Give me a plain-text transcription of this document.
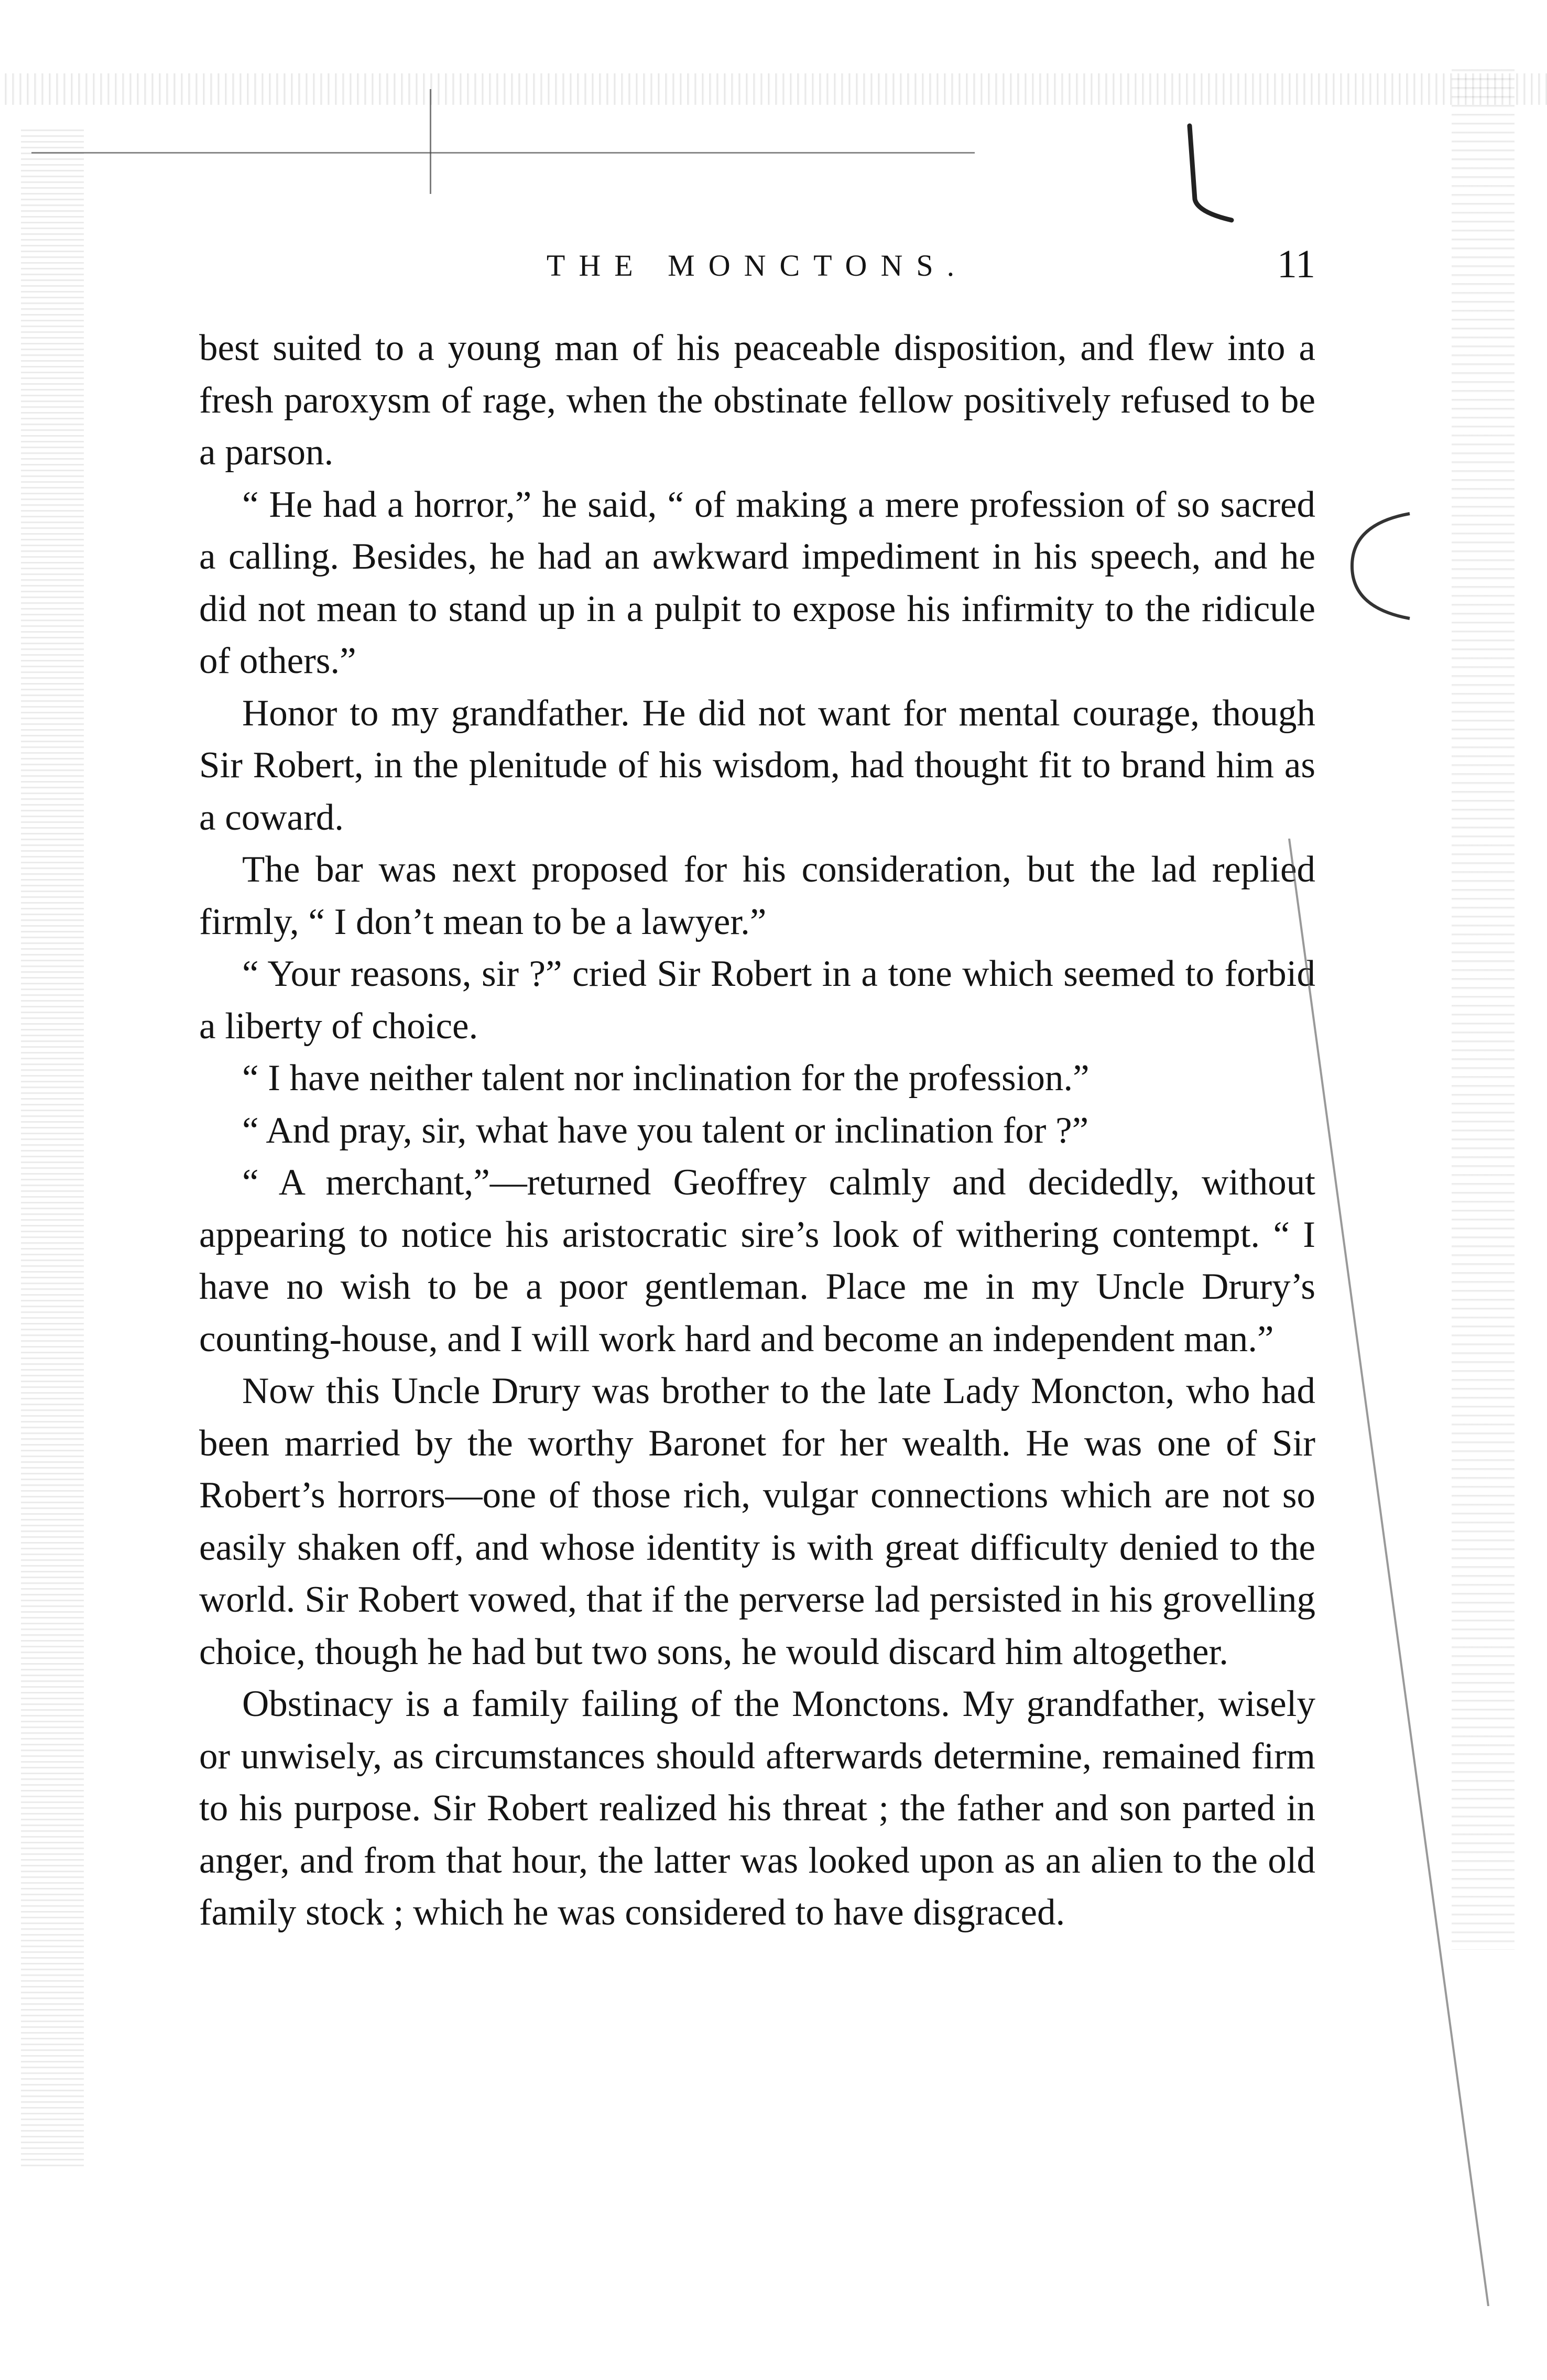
THE MONCTONS.	11

best suited to a young man of his peaceable disposition, and flew into a fresh paroxysm of rage, when the obstinate fellow positively refused to be a parson.

“ He had a horror,” he said, “ of making a mere profession of so sacred a calling. Besides, he had an awkward impediment in his speech, and he did not mean to stand up in a pulpit to expose his infirmity to the ridicule of others.”

Honor to my grandfather. He did not want for mental courage, though Sir Robert, in the plenitude of his wisdom, had thought fit to brand him as a coward.

The bar was next proposed for his consideration, but the lad replied firmly, “ I don’t mean to be a lawyer.”

“ Your reasons, sir ?” cried Sir Robert in a tone which seemed to forbid a liberty of choice.

“ I have neither talent nor inclination for the profession.”

“ And pray, sir, what have you talent or inclination for ?”

“ A merchant,”—returned Geoffrey calmly and decidedly, without appearing to notice his aristocratic sire’s look of withering contempt. “ I have no wish to be a poor gentleman. Place me in my Uncle Drury’s counting-house, and I will work hard and become an independent man.”

Now this Uncle Drury was brother to the late Lady Moncton, who had been married by the worthy Baronet for her wealth. He was one of Sir Robert’s horrors—one of those rich, vulgar connections which are not so easily shaken off, and whose identity is with great difficulty denied to the world. Sir Robert vowed, that if the perverse lad persisted in his grovelling choice, though he had but two sons, he would discard him altogether.

Obstinacy is a family failing of the Monctons. My grandfather, wisely or unwisely, as circumstances should afterwards determine, remained firm to his purpose. Sir Robert realized his threat ; the father and son parted in anger, and from that hour, the latter was looked upon as an alien to the old family stock ; which he was considered to have disgraced.
